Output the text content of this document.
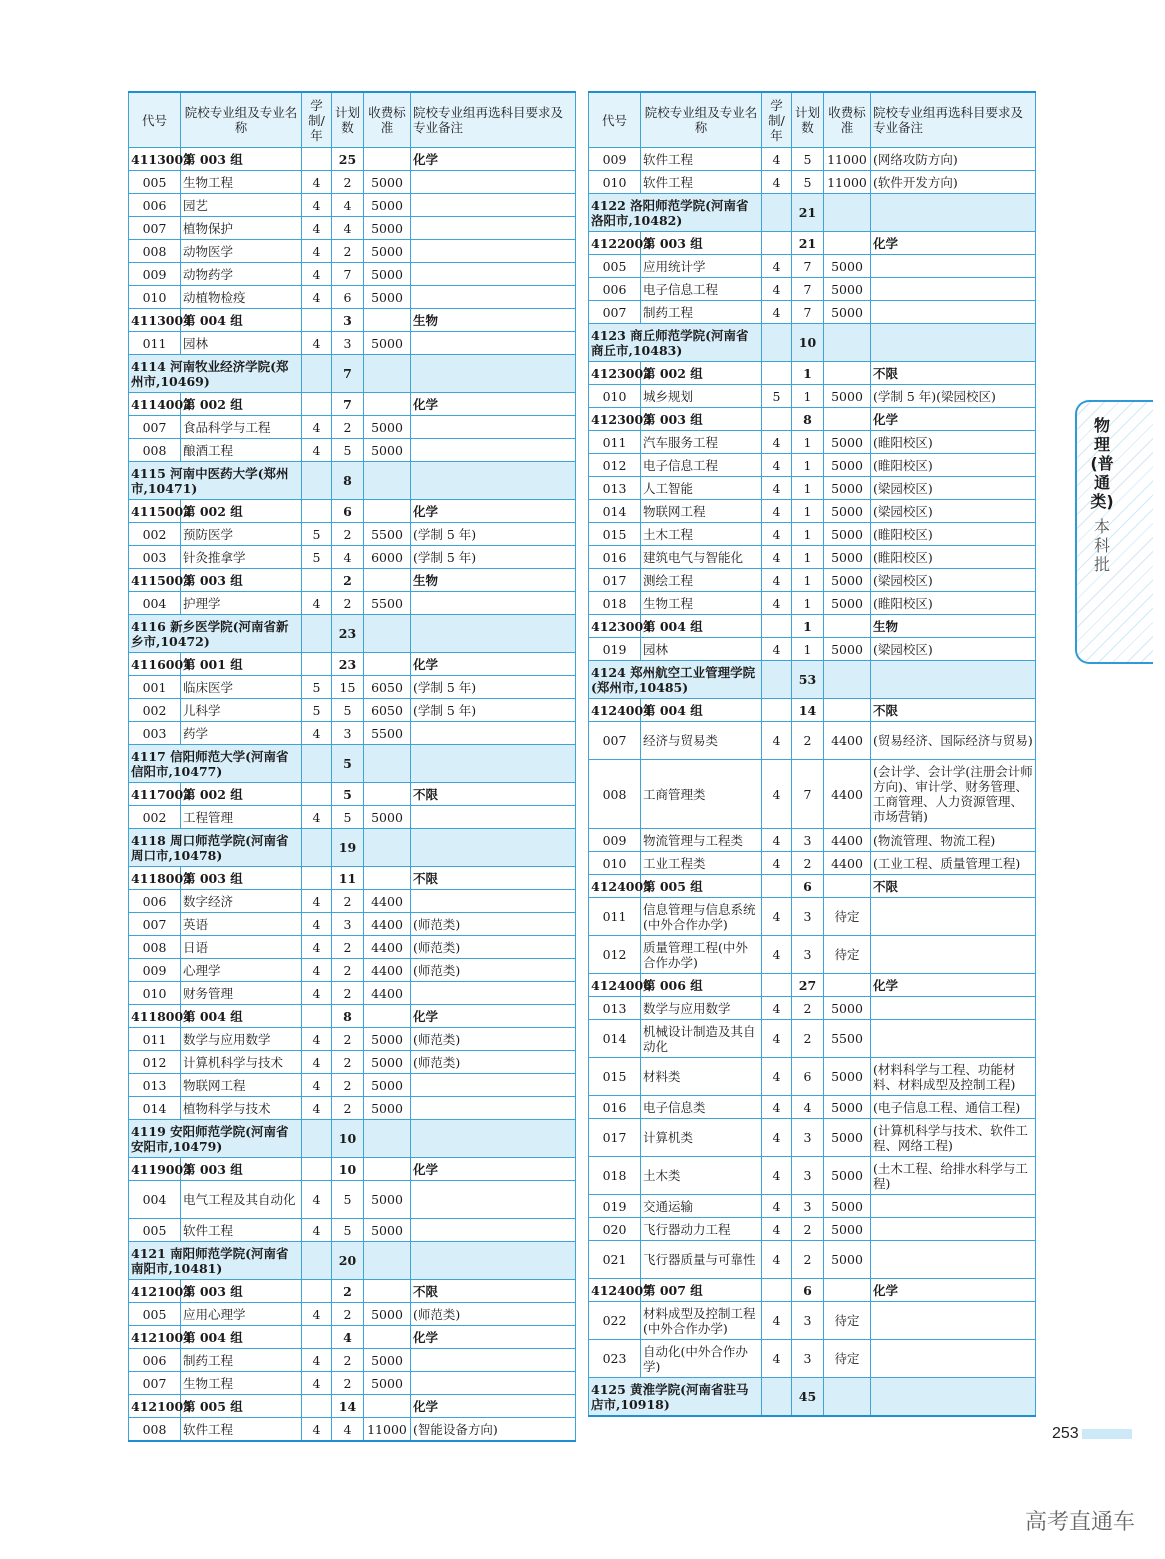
代号	院校专业组及专业名称	学制/年	计划数	收费标准	院校专业组再选科目要求及专业备注
4113003	第 003 组		25		化学
005	生物工程	4	2	5000	
006	园艺	4	4	5000	
007	植物保护	4	4	5000	
008	动物医学	4	2	5000	
009	动物药学	4	7	5000	
010	动植物检疫	4	6	5000	
4113004	第 004 组		3		生物
011	园林	4	3	5000	
4114 河南牧业经济学院(郑州市,10469)			7		
4114002	第 002 组		7		化学
007	食品科学与工程	4	2	5000	
008	酿酒工程	4	5	5000	
4115 河南中医药大学(郑州市,10471)			8		
4115002	第 002 组		6		化学
002	预防医学	5	2	5500	(学制 5 年)
003	针灸推拿学	5	4	6000	(学制 5 年)
4115003	第 003 组		2		生物
004	护理学	4	2	5500	
4116 新乡医学院(河南省新乡市,10472)			23		
4116001	第 001 组		23		化学
001	临床医学	5	15	6050	(学制 5 年)
002	儿科学	5	5	6050	(学制 5 年)
003	药学	4	3	5500	
4117 信阳师范大学(河南省信阳市,10477)			5		
4117002	第 002 组		5		不限
002	工程管理	4	5	5000	
4118 周口师范学院(河南省周口市,10478)			19		
4118003	第 003 组		11		不限
006	数字经济	4	2	4400	
007	英语	4	3	4400	(师范类)
008	日语	4	2	4400	(师范类)
009	心理学	4	2	4400	(师范类)
010	财务管理	4	2	4400	
4118004	第 004 组		8		化学
011	数学与应用数学	4	2	5000	(师范类)
012	计算机科学与技术	4	2	5000	(师范类)
013	物联网工程	4	2	5000	
014	植物科学与技术	4	2	5000	
4119 安阳师范学院(河南省安阳市,10479)			10		
4119003	第 003 组		10		化学
004	电气工程及其自动化	4	5	5000	
005	软件工程	4	5	5000	
4121 南阳师范学院(河南省南阳市,10481)			20		
4121003	第 003 组		2		不限
005	应用心理学	4	2	5000	(师范类)
4121004	第 004 组		4		化学
006	制药工程	4	2	5000	
007	生物工程	4	2	5000	
4121005	第 005 组		14		化学
008	软件工程	4	4	11000	(智能设备方向)
代号	院校专业组及专业名称	学制/年	计划数	收费标准	院校专业组再选科目要求及专业备注
009	软件工程	4	5	11000	(网络攻防方向)
010	软件工程	4	5	11000	(软件开发方向)
4122 洛阳师范学院(河南省洛阳市,10482)			21		
4122003	第 003 组		21		化学
005	应用统计学	4	7	5000	
006	电子信息工程	4	7	5000	
007	制药工程	4	7	5000	
4123 商丘师范学院(河南省商丘市,10483)			10		
4123002	第 002 组		1		不限
010	城乡规划	5	1	5000	(学制 5 年)(梁园校区)
4123003	第 003 组		8		化学
011	汽车服务工程	4	1	5000	(睢阳校区)
012	电子信息工程	4	1	5000	(睢阳校区)
013	人工智能	4	1	5000	(梁园校区)
014	物联网工程	4	1	5000	(梁园校区)
015	土木工程	4	1	5000	(睢阳校区)
016	建筑电气与智能化	4	1	5000	(睢阳校区)
017	测绘工程	4	1	5000	(梁园校区)
018	生物工程	4	1	5000	(睢阳校区)
4123004	第 004 组		1		生物
019	园林	4	1	5000	(梁园校区)
4124 郑州航空工业管理学院(郑州市,10485)			53		
4124004	第 004 组		14		不限
007	经济与贸易类	4	2	4400	(贸易经济、国际经济与贸易)
008	工商管理类	4	7	4400	(会计学、会计学(注册会计师方向)、审计学、财务管理、工商管理、人力资源管理、市场营销)
009	物流管理与工程类	4	3	4400	(物流管理、物流工程)
010	工业工程类	4	2	4400	(工业工程、质量管理工程)
4124005	第 005 组		6		不限
011	信息管理与信息系统(中外合作办学)	4	3	待定	
012	质量管理工程(中外合作办学)	4	3	待定	
4124006	第 006 组		27		化学
013	数学与应用数学	4	2	5000	
014	机械设计制造及其自动化	4	2	5500	
015	材料类	4	6	5000	(材料科学与工程、功能材料、材料成型及控制工程)
016	电子信息类	4	4	5000	(电子信息工程、通信工程)
017	计算机类	4	3	5000	(计算机科学与技术、软件工程、网络工程)
018	土木类	4	3	5000	(土木工程、给排水科学与工程)
019	交通运输	4	3	5000	
020	飞行器动力工程	4	2	5000	
021	飞行器质量与可靠性	4	2	5000	
4124007	第 007 组		6		化学
022	材料成型及控制工程(中外合作办学)	4	3	待定	
023	自动化(中外合作办学)	4	3	待定	
4125 黄淮学院(河南省驻马店市,10918)			45		
物理(普通类)
本科批
253
高考直通车
